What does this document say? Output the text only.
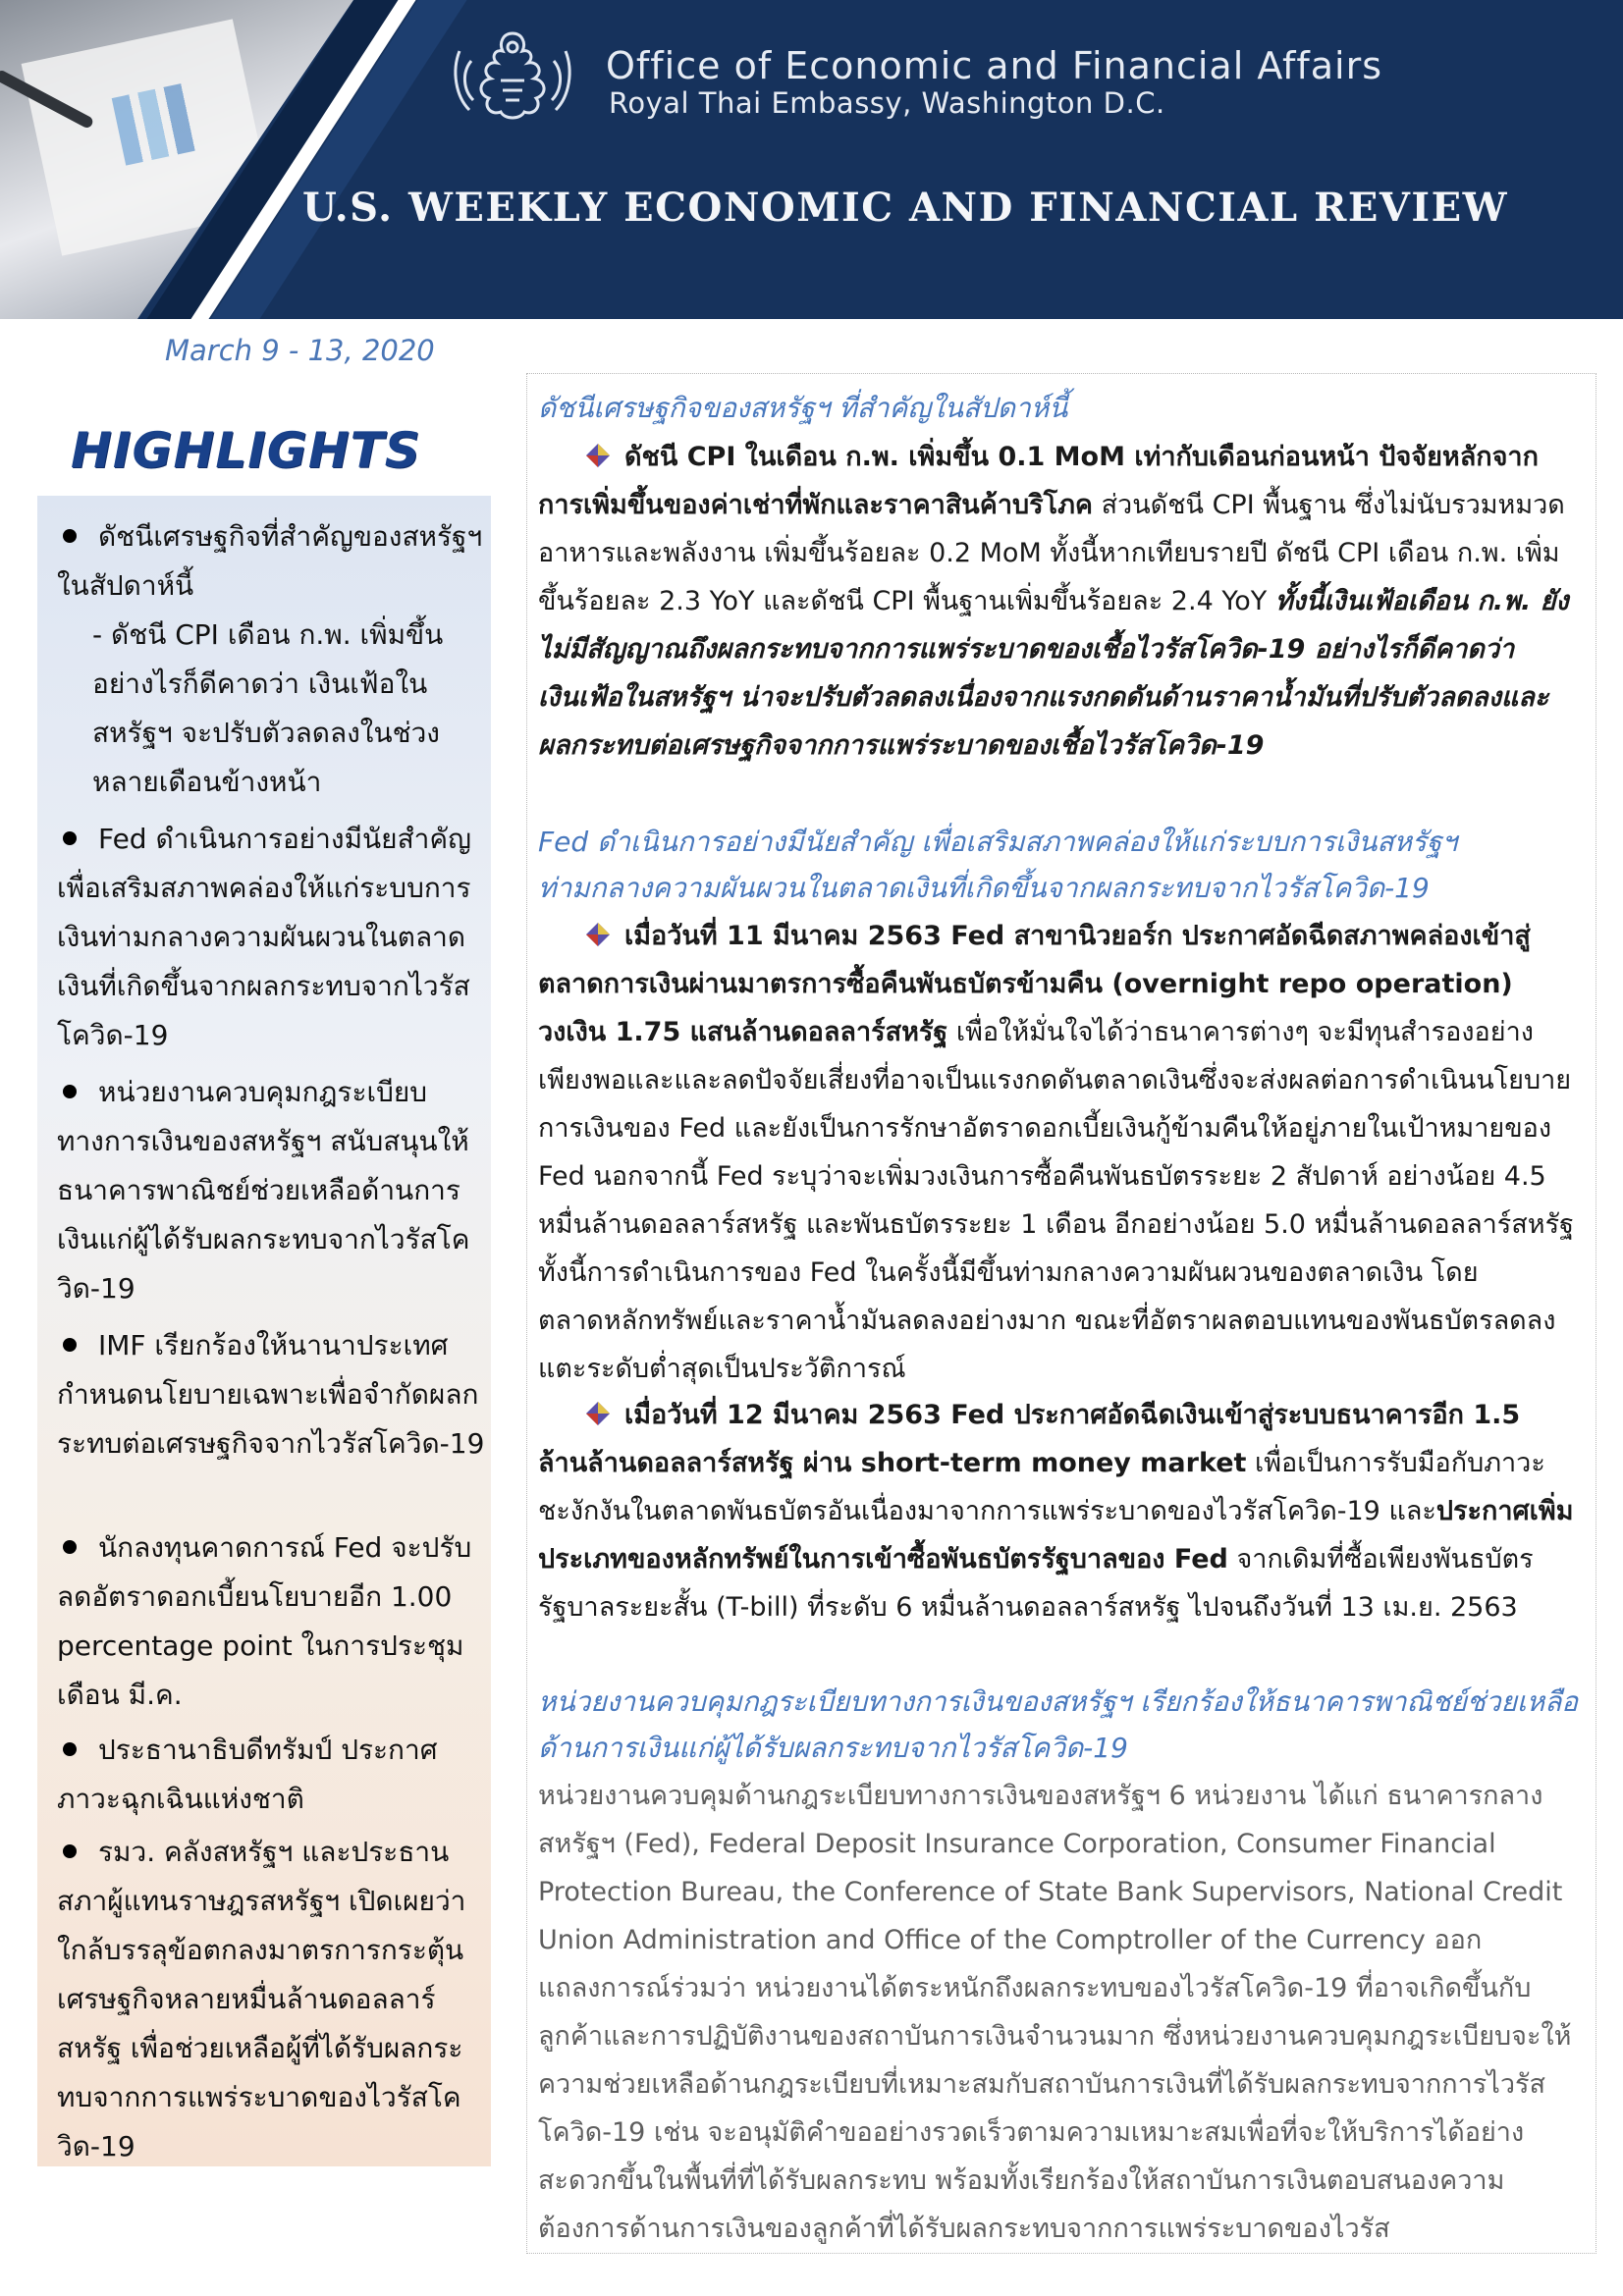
Office of Economic and Financial Affairs
Royal Thai Embassy, Washington D.C.
U.S. WEEKLY ECONOMIC AND FINANCIAL REVIEW
March 9 - 13, 2020
HIGHLIGHTS
ดัชนีเศรษฐกิจที่สำคัญของสหรัฐฯ ในสัปดาห์นี้
- ดัชนี CPI เดือน ก.พ. เพิ่มขึ้น อย่างไรก็ดีคาดว่า เงินเฟ้อในสหรัฐฯ จะปรับตัวลดลงในช่วงหลายเดือนข้างหน้า
Fed ดำเนินการอย่างมีนัยสำคัญ เพื่อเสริมสภาพคล่องให้แก่ระบบการเงินท่ามกลางความผันผวนในตลาดเงินที่เกิดขึ้นจากผลกระทบจากไวรัสโควิด-19
หน่วยงานควบคุมกฎระเบียบทางการเงินของสหรัฐฯ สนับสนุนให้ธนาคารพาณิชย์ช่วยเหลือด้านการเงินแก่ผู้ได้รับผลกระทบจากไวรัสโควิด-19
IMF เรียกร้องให้นานาประเทศกำหนดนโยบายเฉพาะเพื่อจำกัดผลกระทบต่อเศรษฐกิจจากไวรัสโควิด-19
นักลงทุนคาดการณ์ Fed จะปรับลดอัตราดอกเบี้ยนโยบายอีก 1.00 percentage point ในการประชุมเดือน มี.ค.
ประธานาธิบดีทรัมป์ ประกาศภาวะฉุกเฉินแห่งชาติ
รมว. คลังสหรัฐฯ และประธานสภาผู้แทนราษฎรสหรัฐฯ เปิดเผยว่าใกล้บรรลุข้อตกลงมาตรการกระตุ้นเศรษฐกิจหลายหมื่นล้านดอลลาร์สหรัฐ เพื่อช่วยเหลือผู้ที่ได้รับผลกระทบจากการแพร่ระบาดของไวรัสโควิด-19
ดัชนีเศรษฐกิจของสหรัฐฯ ที่สำคัญในสัปดาห์นี้
ดัชนี CPI ในเดือน ก.พ. เพิ่มขึ้น 0.1 MoM เท่ากับเดือนก่อนหน้า ปัจจัยหลักจากการเพิ่มขึ้นของค่าเช่าที่พักและราคาสินค้าบริโภค ส่วนดัชนี CPI พื้นฐาน ซึ่งไม่นับรวมหมวดอาหารและพลังงาน เพิ่มขึ้นร้อยละ 0.2 MoM ทั้งนี้หากเทียบรายปี ดัชนี CPI เดือน ก.พ. เพิ่มขึ้นร้อยละ 2.3 YoY และดัชนี CPI พื้นฐานเพิ่มขึ้นร้อยละ 2.4 YoY ทั้งนี้เงินเฟ้อเดือน ก.พ. ยังไม่มีสัญญาณถึงผลกระทบจากการแพร่ระบาดของเชื้อไวรัสโควิด-19 อย่างไรก็ดีคาดว่าเงินเฟ้อในสหรัฐฯ น่าจะปรับตัวลดลงเนื่องจากแรงกดดันด้านราคาน้ำมันที่ปรับตัวลดลงและผลกระทบต่อเศรษฐกิจจากการแพร่ระบาดของเชื้อไวรัสโควิด-19
Fed ดำเนินการอย่างมีนัยสำคัญ เพื่อเสริมสภาพคล่องให้แก่ระบบการเงินสหรัฐฯ ท่ามกลางความผันผวนในตลาดเงินที่เกิดขึ้นจากผลกระทบจากไวรัสโควิด-19
เมื่อวันที่ 11 มีนาคม 2563 Fed สาขานิวยอร์ก ประกาศอัดฉีดสภาพคล่องเข้าสู่ตลาดการเงินผ่านมาตรการซื้อคืนพันธบัตรข้ามคืน (overnight repo operation) วงเงิน 1.75 แสนล้านดอลลาร์สหรัฐ เพื่อให้มั่นใจได้ว่าธนาคารต่างๆ จะมีทุนสำรองอย่างเพียงพอและและลดปัจจัยเสี่ยงที่อาจเป็นแรงกดดันตลาดเงินซึ่งจะส่งผลต่อการดำเนินนโยบายการเงินของ Fed และยังเป็นการรักษาอัตราดอกเบี้ยเงินกู้ข้ามคืนให้อยู่ภายในเป้าหมายของ Fed นอกจากนี้ Fed ระบุว่าจะเพิ่มวงเงินการซื้อคืนพันธบัตรระยะ 2 สัปดาห์ อย่างน้อย 4.5 หมื่นล้านดอลลาร์สหรัฐ และพันธบัตรระยะ 1 เดือน อีกอย่างน้อย 5.0 หมื่นล้านดอลลาร์สหรัฐ ทั้งนี้การดำเนินการของ Fed ในครั้งนี้มีขึ้นท่ามกลางความผันผวนของตลาดเงิน โดยตลาดหลักทรัพย์และราคาน้ำมันลดลงอย่างมาก ขณะที่อัตราผลตอบแทนของพันธบัตรลดลงแตะระดับต่ำสุดเป็นประวัติการณ์
เมื่อวันที่ 12 มีนาคม 2563 Fed ประกาศอัดฉีดเงินเข้าสู่ระบบธนาคารอีก 1.5 ล้านล้านดอลลาร์สหรัฐ ผ่าน short-term money market เพื่อเป็นการรับมือกับภาวะชะงักงันในตลาดพันธบัตรอันเนื่องมาจากการแพร่ระบาดของไวรัสโควิด-19 และประกาศเพิ่มประเภทของหลักทรัพย์ในการเข้าซื้อพันธบัตรรัฐบาลของ Fed จากเดิมที่ซื้อเพียงพันธบัตรรัฐบาลระยะสั้น (T-bill) ที่ระดับ 6 หมื่นล้านดอลลาร์สหรัฐ ไปจนถึงวันที่ 13 เม.ย. 2563
หน่วยงานควบคุมกฎระเบียบทางการเงินของสหรัฐฯ เรียกร้องให้ธนาคารพาณิชย์ช่วยเหลือด้านการเงินแก่ผู้ได้รับผลกระทบจากไวรัสโควิด-19
หน่วยงานควบคุมด้านกฎระเบียบทางการเงินของสหรัฐฯ 6 หน่วยงาน ได้แก่ ธนาคารกลางสหรัฐฯ (Fed), Federal Deposit Insurance Corporation, Consumer Financial Protection Bureau, the Conference of State Bank Supervisors, National Credit Union Administration and Office of the Comptroller of the Currency ออกแถลงการณ์ร่วมว่า หน่วยงานได้ตระหนักถึงผลกระทบของไวรัสโควิด-19 ที่อาจเกิดขึ้นกับลูกค้าและการปฏิบัติงานของสถาบันการเงินจำนวนมาก ซึ่งหน่วยงานควบคุมกฎระเบียบจะให้ความช่วยเหลือด้านกฎระเบียบที่เหมาะสมกับสถาบันการเงินที่ได้รับผลกระทบจากการไวรัสโควิด-19 เช่น จะอนุมัติคำขออย่างรวดเร็วตามความเหมาะสมเพื่อที่จะให้บริการได้อย่างสะดวกขึ้นในพื้นที่ที่ได้รับผลกระทบ พร้อมทั้งเรียกร้องให้สถาบันการเงินตอบสนองความต้องการด้านการเงินของลูกค้าที่ได้รับผลกระทบจากการแพร่ระบาดของไวรัส
